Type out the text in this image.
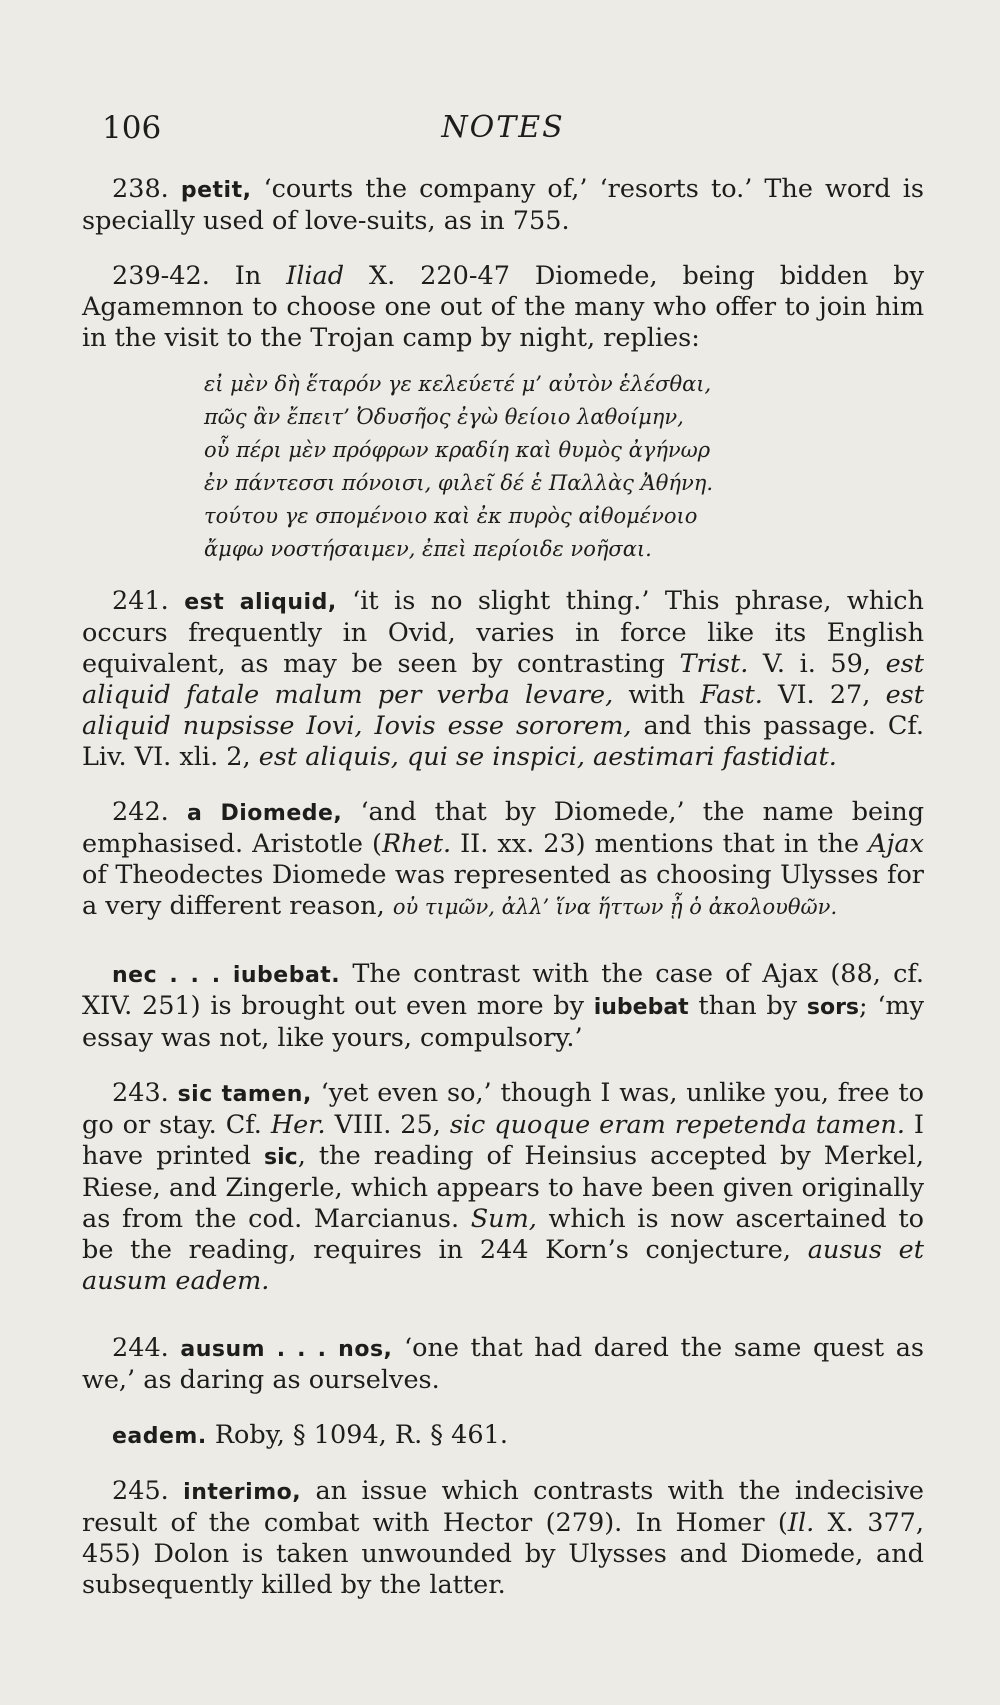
106	NOTES

238. petit, ‘courts the company of,’ ‘resorts to.’ The word is specially used of love-suits, as in 755.

239-42. In Iliad X. 220-47 Diomede, being bidden by Agamemnon to choose one out of the many who offer to join him in the visit to the Trojan camp by night, replies:

εἰ μὲν δὴ ἕταρόν γε κελεύετέ μ’ αὐτὸν ἑλέσθαι,
πῶς ἂν ἔπειτ’ Ὀδυσῆος ἐγὼ θείοιο λαθοίμην,
οὗ πέρι μὲν πρόφρων κραδίη καὶ θυμὸς ἀγήνωρ
ἐν πάντεσσι πόνοισι, φιλεῖ δέ ἑ Παλλὰς Ἀθήνη.
τούτου γε σπομένοιο καὶ ἐκ πυρὸς αἰθομένοιο
ἄμφω νοστήσαιμεν, ἐπεὶ περίοιδε νοῆσαι.

241. est aliquid, ‘it is no slight thing.’ This phrase, which occurs frequently in Ovid, varies in force like its English equivalent, as may be seen by contrasting Trist. V. i. 59, est aliquid fatale malum per verba levare, with Fast. VI. 27, est aliquid nupsisse Iovi, Iovis esse sororem, and this passage. Cf. Liv. VI. xli. 2, est aliquis, qui se inspici, aestimari fastidiat.

242. a Diomede, ‘and that by Diomede,’ the name being emphasised. Aristotle (Rhet. II. xx. 23) mentions that in the Ajax of Theodectes Diomede was represented as choosing Ulysses for a very different reason, οὐ τιμῶν, ἀλλ’ ἵνα ἥττων ᾖ ὁ ἀκολουθῶν.

nec . . . iubebat. The contrast with the case of Ajax (88, cf. XIV. 251) is brought out even more by iubebat than by sors; ‘my essay was not, like yours, compulsory.’

243. sic tamen, ‘yet even so,’ though I was, unlike you, free to go or stay. Cf. Her. VIII. 25, sic quoque eram repetenda tamen. I have printed sic, the reading of Heinsius accepted by Merkel, Riese, and Zingerle, which appears to have been given originally as from the cod. Marcianus. Sum, which is now ascertained to be the reading, requires in 244 Korn’s conjecture, ausus et ausum eadem.

244. ausum . . . nos, ‘one that had dared the same quest as we,’ as daring as ourselves.

eadem. Roby, § 1094, R. § 461.

245. interimo, an issue which contrasts with the indecisive result of the combat with Hector (279). In Homer (Il. X. 377, 455) Dolon is taken unwounded by Ulysses and Diomede, and subsequently killed by the latter.
